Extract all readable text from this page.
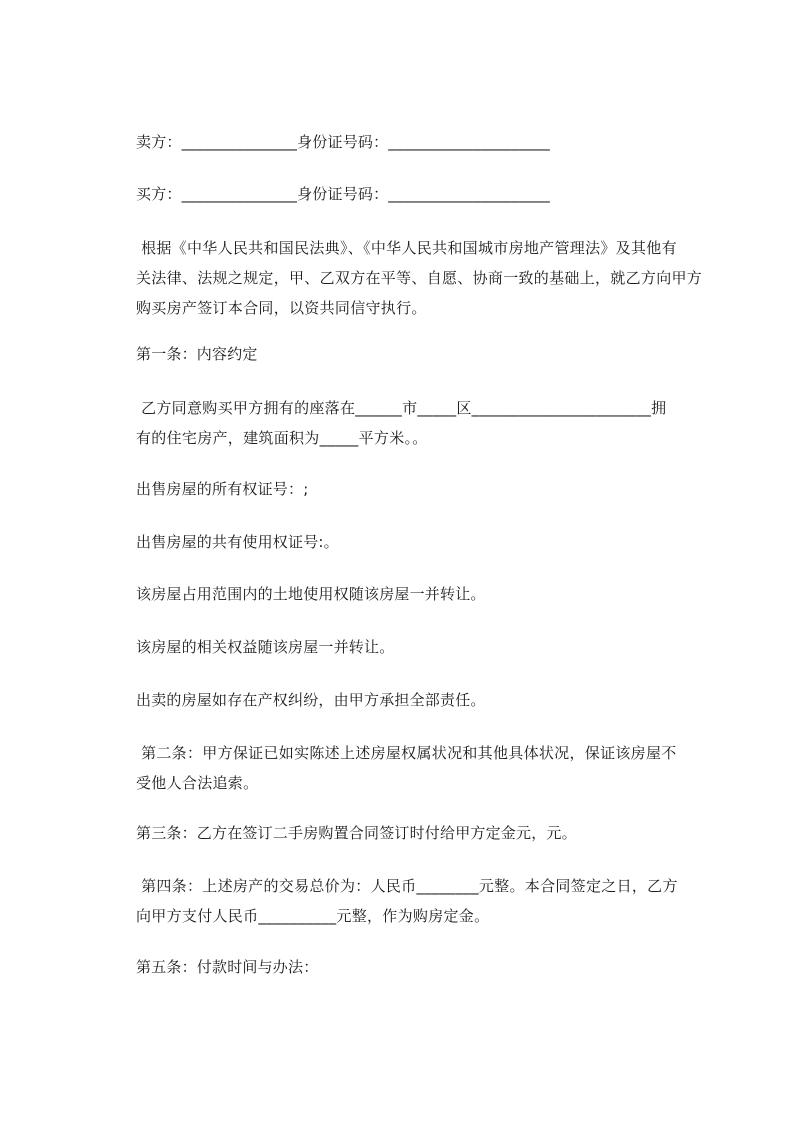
卖方：_______________身份证号码：_____________________
买方：_______________身份证号码：_____________________
根据《中华人民共和国民法典》、《中华人民共和国城市房地产管理法》及其他有
关法律、法规之规定，甲、乙双方在平等、自愿、协商一致的基础上，就乙方向甲方
购买房产签订本合同，以资共同信守执行。
第一条：内容约定
乙方同意购买甲方拥有的座落在______市_____区_______________________拥
有的住宅房产，建筑面积为_____平方米。。
出售房屋的所有权证号：;
出售房屋的共有使用权证号:。
该房屋占用范围内的土地使用权随该房屋一并转让。
该房屋的相关权益随该房屋一并转让。
出卖的房屋如存在产权纠纷，由甲方承担全部责任。
第二条：甲方保证已如实陈述上述房屋权属状况和其他具体状况，保证该房屋不
受他人合法追索。
第三条：乙方在签订二手房购置合同签订时付给甲方定金元，元。
第四条：上述房产的交易总价为：人民币________元整。本合同签定之日，乙方
向甲方支付人民币__________元整，作为购房定金。
第五条：付款时间与办法：
